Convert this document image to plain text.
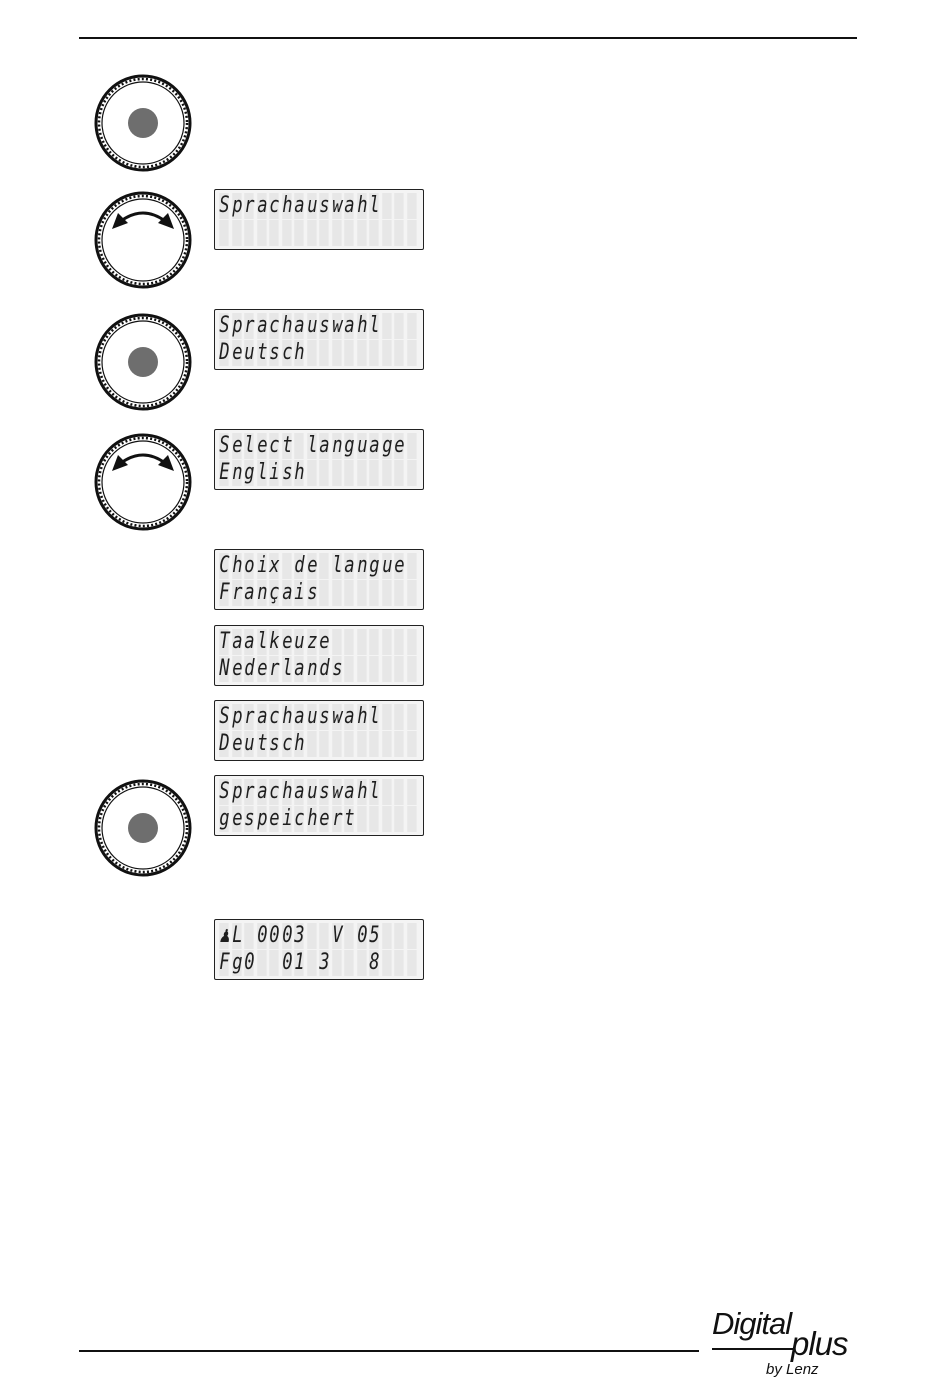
S p r a c h a u s w a h l

S p r a c h a u s w a h l

D e u t s c h

S e l e c t
l a n g u a g e

E n g l i s h

C h o i x
d e
l a n g u e

F r a n ç a i s

T a a l k e u z e

N e d e r l a n d s

S p r a c h a u s w a h l

D e u t s c h

S p r a c h a u s w a h l

g e s p e i c h e r t

♟ L
0 0 0 3

V
0 5

F g 0

0 1
3

8

Digital
plus
by Lenz
